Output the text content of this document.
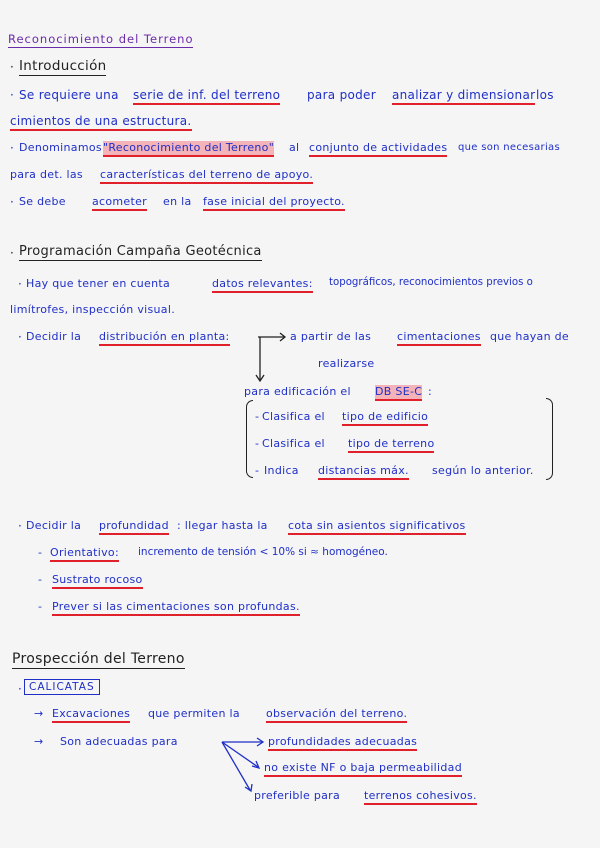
Reconocimiento del Terreno
· Introducción
· Se requiere una serie de inf. del terreno para poder analizar y dimensionar los
cimientos de una estructura.
· Denominamos "Reconocimiento del Terreno" al conjunto de actividades que son necesarias
para det. las características del terreno de apoyo.
· Se debe acometer en la fase inicial del proyecto.
· Programación Campaña Geotécnica
· Hay que tener en cuenta	datos relevantes: topográficos, reconocimientos previos o
limítrofes, inspección visual.
· Decidir la distribución en planta:	a partir de las cimentaciones que hayan de
realizarse
para edificación el DB SE-C :
- Clasifica el tipo de edificio
- Clasifica el tipo de terreno
- Indica distancias máx. según lo anterior.
· Decidir la profundidad : llegar hasta la cota sin asientos significativos
- Orientativo: incremento de tensión < 10% si ≈ homogéneo.
- Sustrato rocoso
- Prever si las cimentaciones son profundas.
Prospección del Terreno
· CALICATAS
→ Excavaciones que permiten la observación del terreno.
→ Son adecuadas para	profundidades adecuadas
no existe NF o baja permeabilidad
preferible para terrenos cohesivos.
